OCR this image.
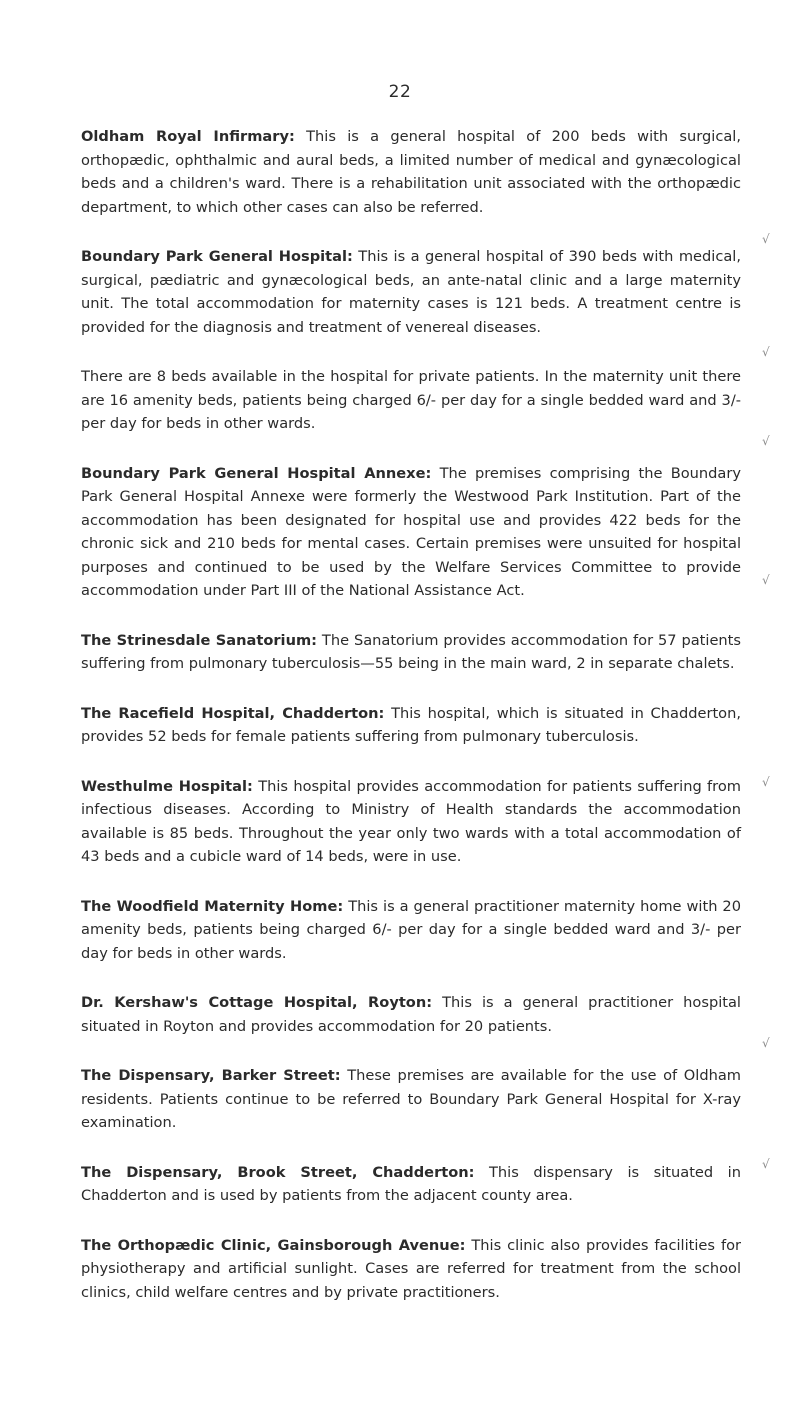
22

Oldham Royal Infirmary: This is a general hospital of 200 beds with surgical, orthopædic, ophthalmic and aural beds, a limited number of medical and gynæcological beds and a children's ward. There is a rehabilitation unit associated with the orthopædic department, to which other cases can also be referred.

Boundary Park General Hospital: This is a general hospital of 390 beds with medical, surgical, pædiatric and gynæcological beds, an ante-natal clinic and a large maternity unit. The total accommodation for maternity cases is 121 beds. A treatment centre is provided for the diagnosis and treatment of venereal diseases.

There are 8 beds available in the hospital for private patients. In the maternity unit there are 16 amenity beds, patients being charged 6/- per day for a single bedded ward and 3/- per day for beds in other wards.

Boundary Park General Hospital Annexe: The premises comprising the Boundary Park General Hospital Annexe were formerly the Westwood Park Institution. Part of the accommodation has been designated for hospital use and provides 422 beds for the chronic sick and 210 beds for mental cases. Certain premises were unsuited for hospital purposes and continued to be used by the Welfare Services Committee to provide accommodation under Part III of the National Assistance Act.

The Strinesdale Sanatorium: The Sanatorium provides accommodation for 57 patients suffering from pulmonary tuberculosis—55 being in the main ward, 2 in separate chalets.

The Racefield Hospital, Chadderton: This hospital, which is situated in Chadderton, provides 52 beds for female patients suffering from pulmonary tuberculosis.

Westhulme Hospital: This hospital provides accommodation for patients suffering from infectious diseases. According to Ministry of Health standards the accommodation available is 85 beds. Throughout the year only two wards with a total accommodation of 43 beds and a cubicle ward of 14 beds, were in use.

The Woodfield Maternity Home: This is a general practitioner maternity home with 20 amenity beds, patients being charged 6/- per day for a single bedded ward and 3/- per day for beds in other wards.

Dr. Kershaw's Cottage Hospital, Royton: This is a general practitioner hospital situated in Royton and provides accommodation for 20 patients.

The Dispensary, Barker Street: These premises are available for the use of Oldham residents. Patients continue to be referred to Boundary Park General Hospital for X-ray examination.

The Dispensary, Brook Street, Chadderton: This dispensary is situated in Chadderton and is used by patients from the adjacent county area.

The Orthopædic Clinic, Gainsborough Avenue: This clinic also provides facilities for physiotherapy and artificial sunlight. Cases are referred for treatment from the school clinics, child welfare centres and by private practitioners.

√
√
√
√
√
√
√
